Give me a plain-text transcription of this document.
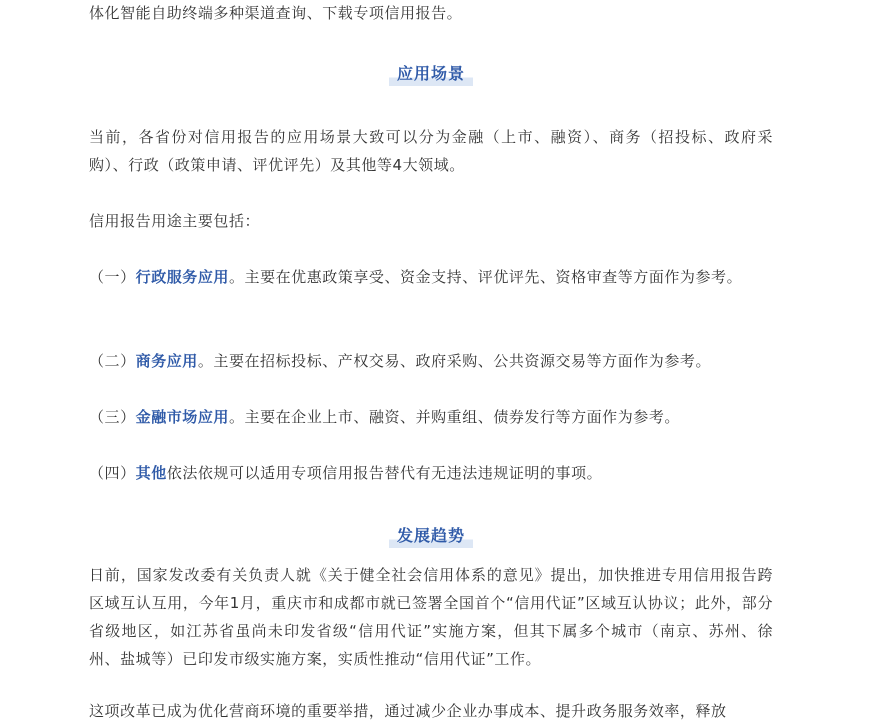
体化智能自助终端多种渠道查询、下载专项信用报告。

应用场景

当前，各省份对信用报告的应用场景大致可以分为金融（上市、融资）、商务（招投标、政府采购）、行政（政策申请、评优评先）及其他等4大领域。

信用报告用途主要包括：

（一）行政服务应用。主要在优惠政策享受、资金支持、评优评先、资格审查等方面作为参考。

（二）商务应用。主要在招标投标、产权交易、政府采购、公共资源交易等方面作为参考。

（三）金融市场应用。主要在企业上市、融资、并购重组、债券发行等方面作为参考。

（四）其他依法依规可以适用专项信用报告替代有无违法违规证明的事项。

发展趋势

日前，国家发改委有关负责人就《关于健全社会信用体系的意见》提出，加快推进专用信用报告跨区域互认互用，今年1月，重庆市和成都市就已签署全国首个“信用代证”区域互认协议；此外，部分省级地区，如江苏省虽尚未印发省级“信用代证”实施方案，但其下属多个城市（南京、苏州、徐州、盐城等）已印发市级实施方案，实质性推动“信用代证”工作。

这项改革已成为优化营商环境的重要举措，通过减少企业办事成本、提升政务服务效率，释放
